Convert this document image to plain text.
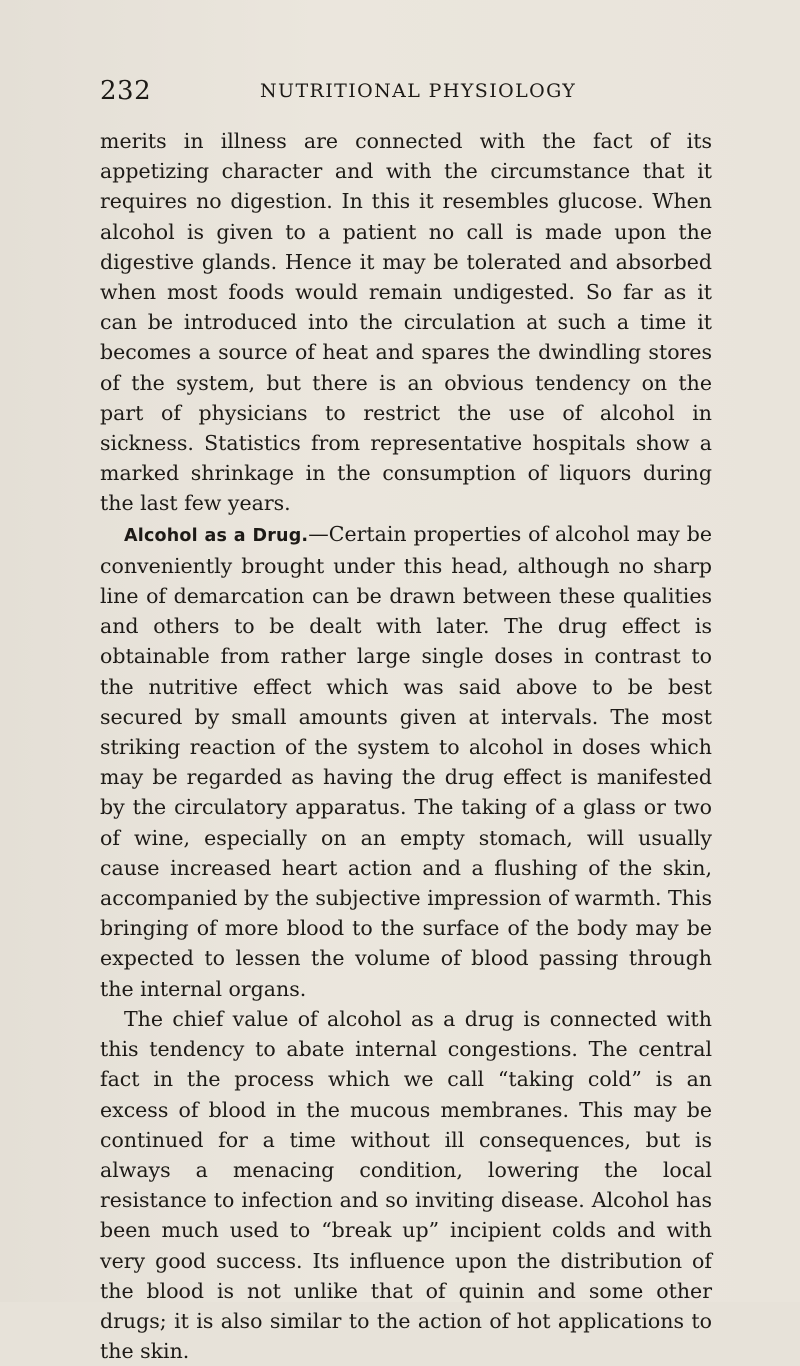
232	NUTRITIONAL PHYSIOLOGY

merits in illness are connected with the fact of its appetizing character and with the circumstance that it requires no digestion. In this it resembles glucose. When alcohol is given to a patient no call is made upon the digestive glands. Hence it may be tolerated and absorbed when most foods would remain undigested. So far as it can be introduced into the circulation at such a time it becomes a source of heat and spares the dwindling stores of the system, but there is an obvious tendency on the part of physicians to restrict the use of alcohol in sickness. Statistics from representative hospitals show a marked shrinkage in the consumption of liquors during the last few years.

Alcohol as a Drug.—Certain properties of alcohol may be conveniently brought under this head, although no sharp line of demarcation can be drawn between these qualities and others to be dealt with later. The drug effect is obtainable from rather large single doses in contrast to the nutritive effect which was said above to be best secured by small amounts given at intervals. The most striking reaction of the system to alcohol in doses which may be regarded as having the drug effect is manifested by the circulatory apparatus. The taking of a glass or two of wine, especially on an empty stomach, will usually cause increased heart action and a flushing of the skin, accompanied by the subjective impression of warmth. This bringing of more blood to the surface of the body may be expected to lessen the volume of blood passing through the internal organs.

The chief value of alcohol as a drug is connected with this tendency to abate internal congestions. The central fact in the process which we call “taking cold” is an excess of blood in the mucous membranes. This may be continued for a time without ill consequences, but is always a menacing condition, lowering the local resistance to infection and so inviting disease. Alcohol has been much used to “break up” incipient colds and with very good success. Its influence upon the distribution of the blood is not unlike that of quinin and some other drugs; it is also similar to the action of hot applications to the skin.
